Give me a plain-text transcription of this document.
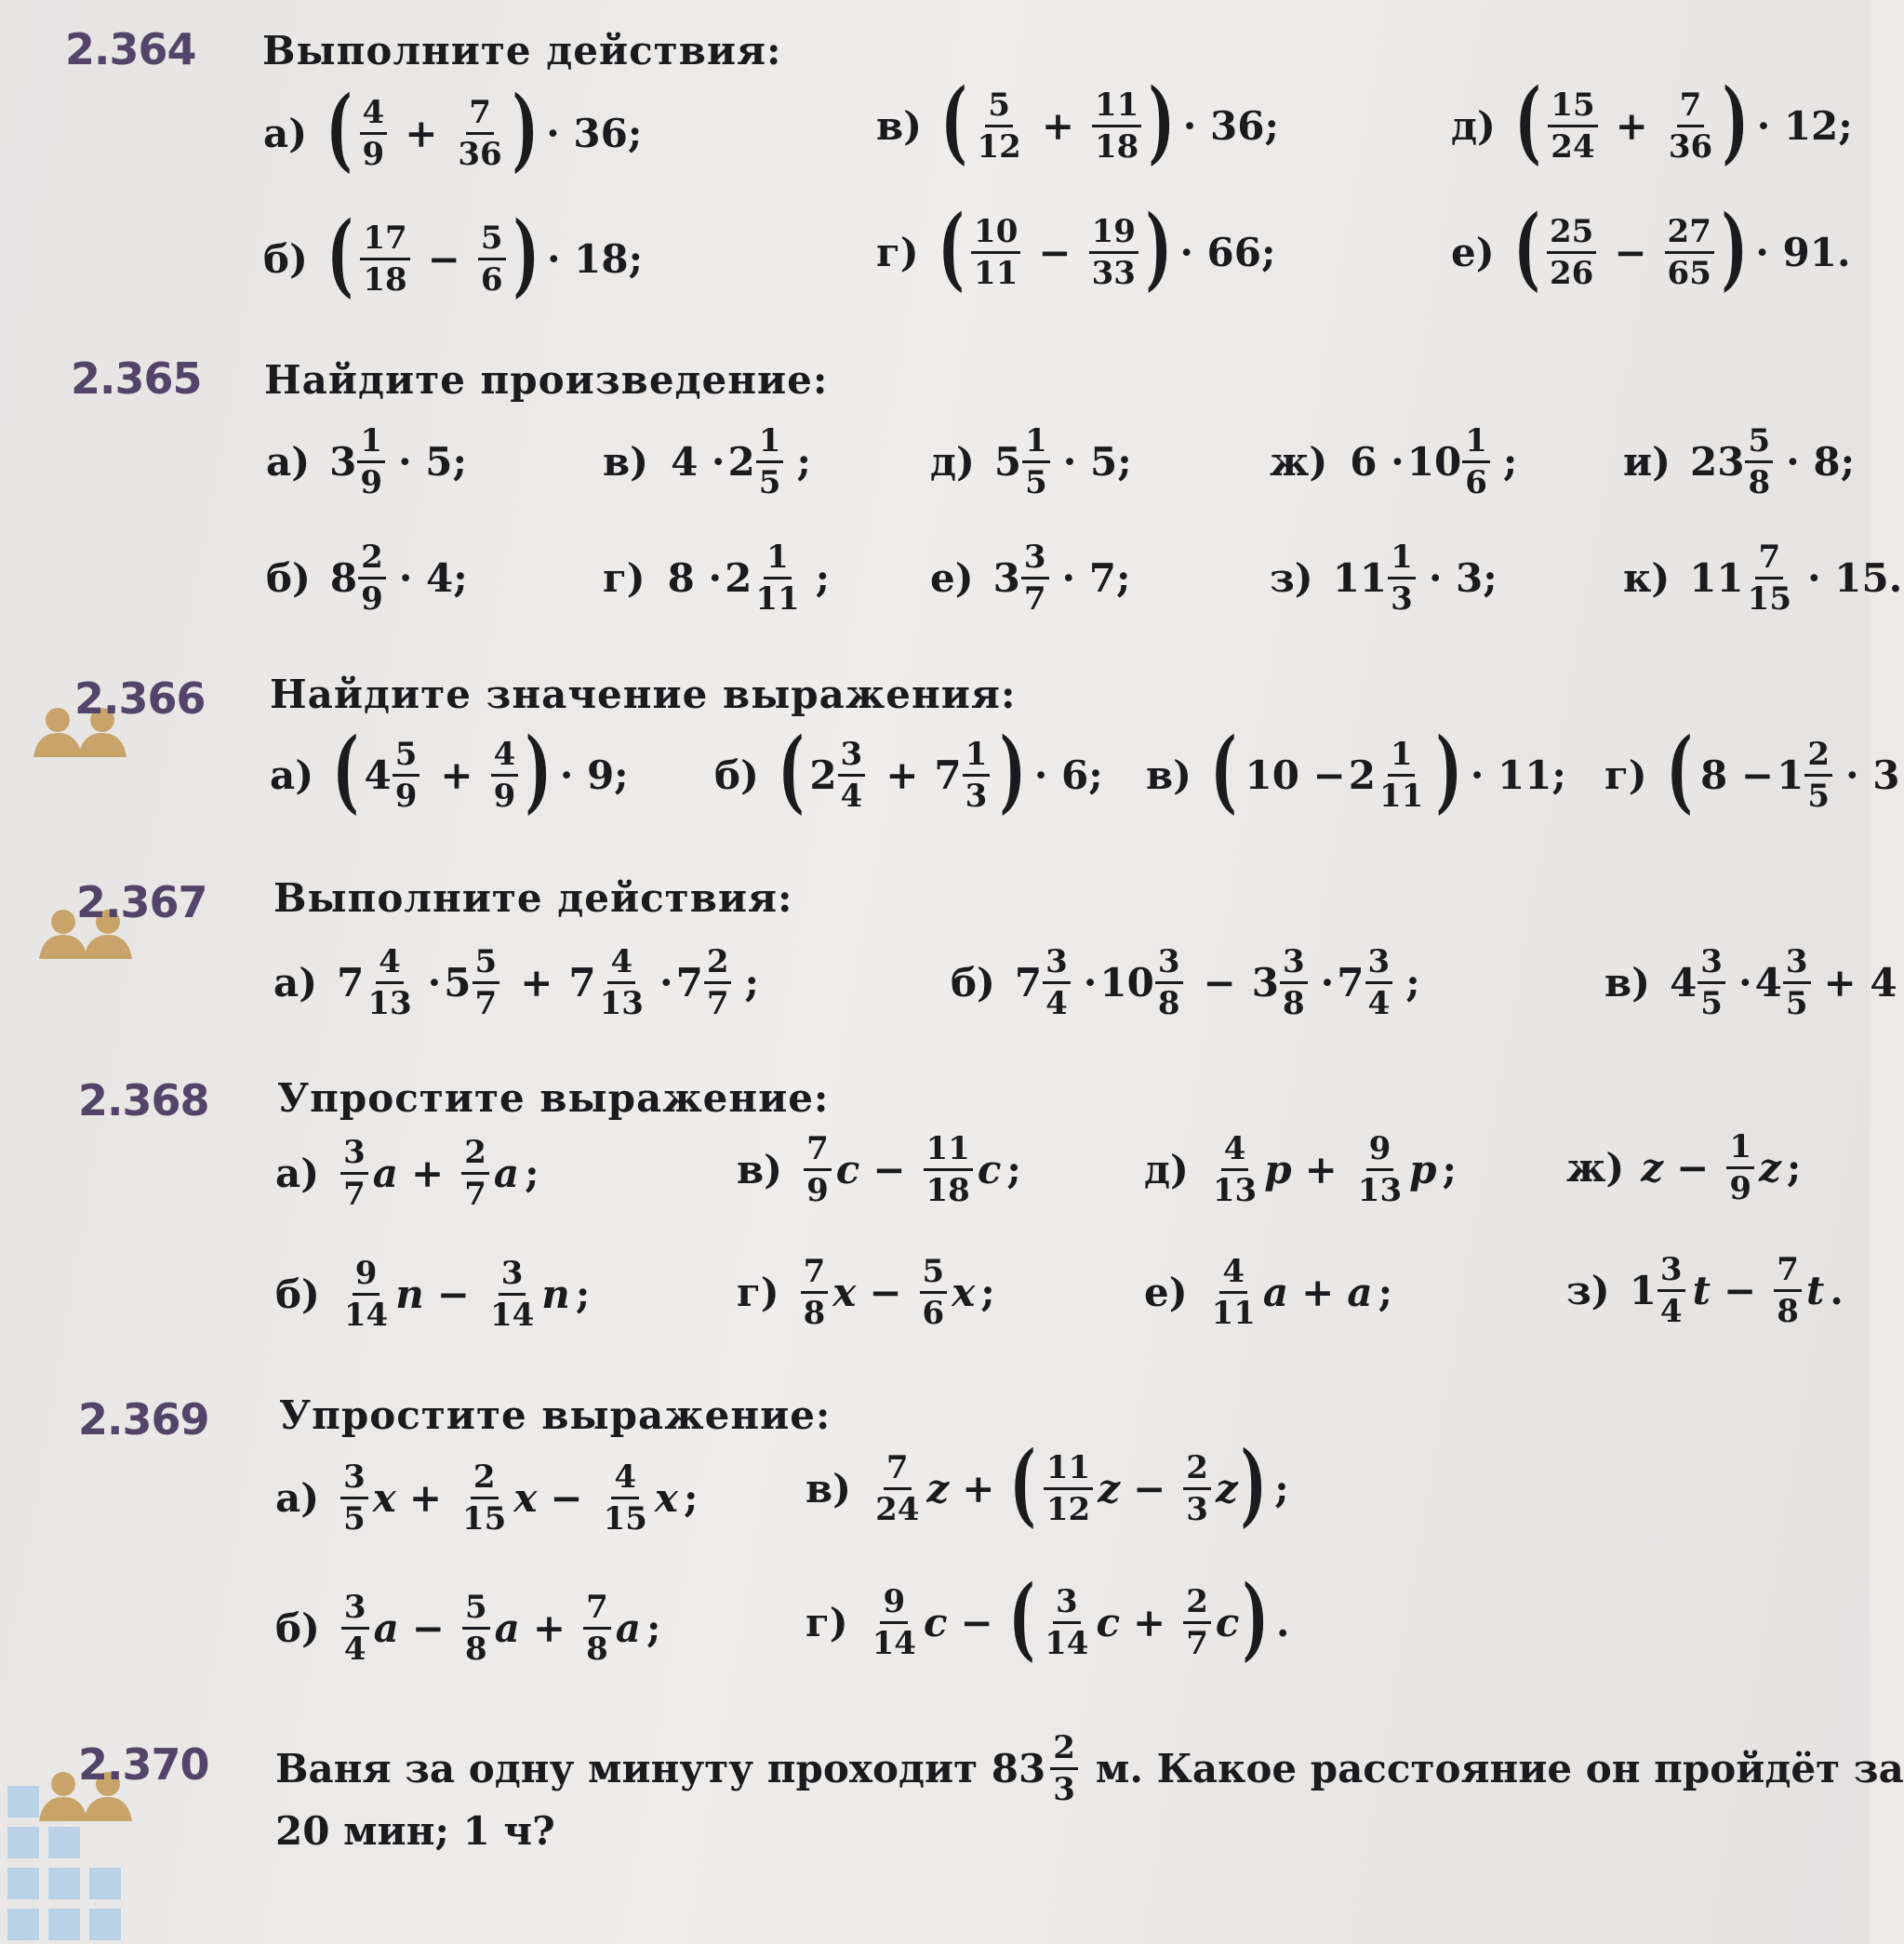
2.364 Выполните действия:
а) ( $\frac{4}{9} + \frac{7}{36}$ ) · 36;	в) ( $\frac{5}{12} + \frac{11}{18}$ ) · 36;	д) ( $\frac{15}{24} + \frac{7}{36}$ ) · 12;
б) ( $\frac{17}{18} - \frac{5}{6}$ ) · 18;	г) ( $\frac{10}{11} - \frac{19}{33}$ ) · 66;	е) ( $\frac{25}{26} - \frac{27}{65}$ ) · 91.
2.365 Найдите произведение:
а) $3 \frac{1}{9} \cdot 5$;	в) $4 \cdot 2 \frac{1}{5}$ ;	д) $5 \frac{1}{5} \cdot 5$;	ж) $6 \cdot 10 \frac{1}{6}$ ;	и) $23 \frac{5}{8} \cdot 8$;
б) $8 \frac{2}{9} \cdot 4$;	г) $8 \cdot 2 \frac{1}{11}$ ;	е) $3 \frac{3}{7} \cdot 7$;	з) $11 \frac{1}{3} \cdot 3$;	к) $11 \frac{7}{15} \cdot 15$.
2.366 Найдите значение выражения:
а) ( $4 \frac{5}{9} + \frac{4}{9}$ ) · 9; б) ( $2 \frac{3}{4} + 7 \frac{1}{3}$ ) · 6; в) ( $10 - 2 \frac{1}{11}$ ) · 11; г) ( $8 - 1 \frac{2}{5} \cdot 3$
2.367 Выполните действия:
а) $7 \frac{4}{13} \cdot 5 \frac{5}{7} + 7 \frac{4}{13} \cdot 7 \frac{2}{7}$ ;	б) $7 \frac{3}{4} \cdot 10 \frac{3}{8} - 3 \frac{3}{8} \cdot 7 \frac{3}{4}$ ;	в) $4 \frac{3}{5} \cdot 4 \frac{3}{5} + 4$
2.368 Упростите выражение:
$а) \frac{3}{7}$ $a + \frac{2}{7}$ a ;	$в) \frac{7}{9}$ $c - \frac{11}{18}$ c ;	$д) \frac{4}{13}$ $p + \frac{9}{13}$ p ;	ж) $z - \frac{1}{9}$ z ;
$б) \frac{9}{14}$ $n - \frac{3}{14}$ n ;	$г) \frac{7}{8}$ $x - \frac{5}{6}$ x ;	$е) \frac{4}{11}$ a + a ;	з) $1 \frac{3}{4}$ $t - \frac{7}{8}$ t .
2.369 Упростите выражение:
$а) \frac{3}{5}$ $x + \frac{2}{15}$ $x - \frac{4}{15}$ x ;	$в) \frac{7}{24}$ z + ( $\frac{11}{12}$ $z - \frac{2}{3}$ z ) ;
$б) \frac{3}{4}$ $a - \frac{5}{8}$ $a + \frac{7}{8}$ a ;	$г) \frac{9}{14}$ c − ( $\frac{3}{14}$ $c + \frac{2}{7}$ c ) .
2.370 Ваня за одну минуту проходит $83 \frac{2}{3} м$. Какое расстояние он пройдёт за
20 мин; 1 ч?
